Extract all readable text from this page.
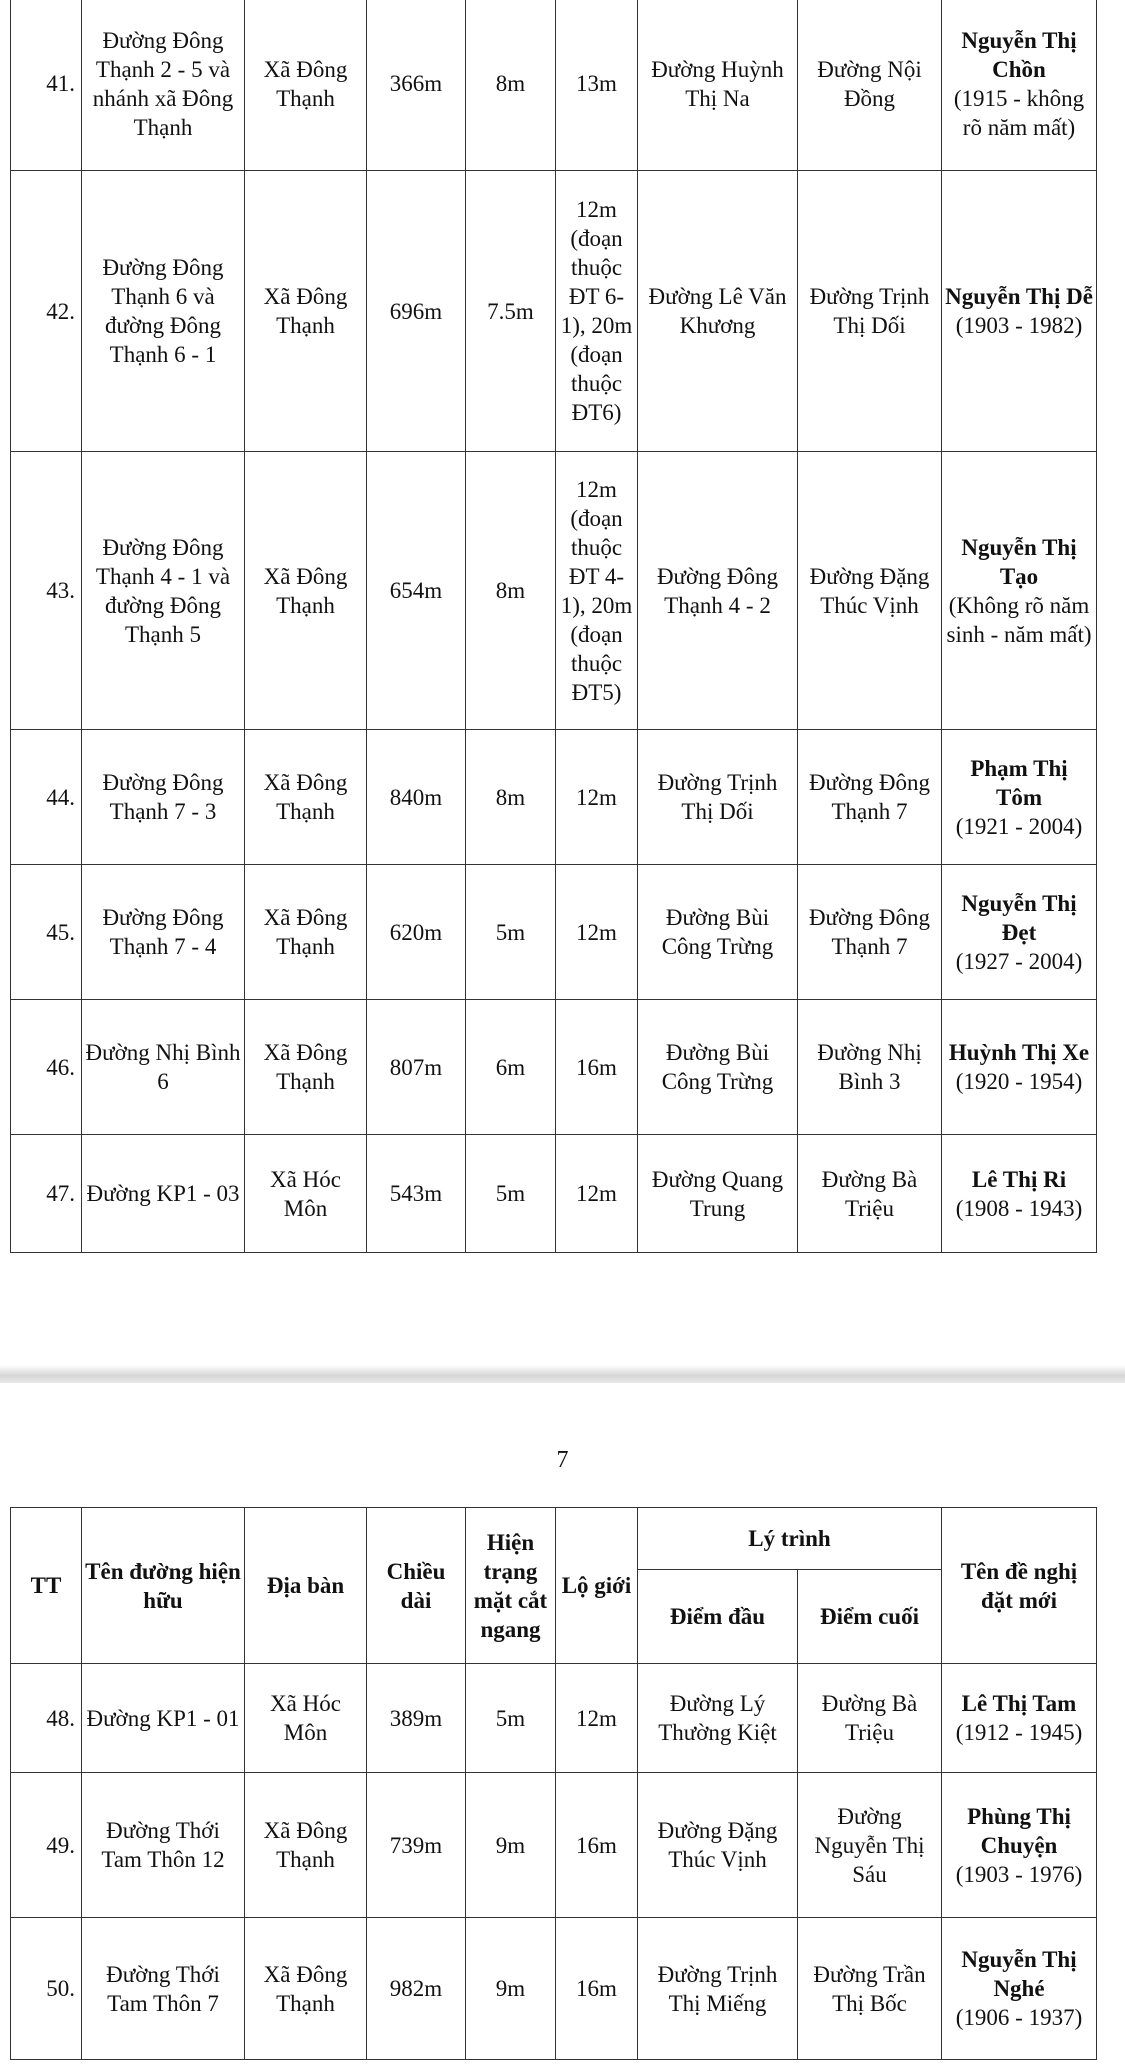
41.	Đường Đông Thạnh 2 - 5 và nhánh xã Đông Thạnh	Xã Đông Thạnh	366m	8m	13m	Đường Huỳnh Thị Na	Đường Nội Đồng	Nguyễn Thị Chồn
(1915 - không rõ năm mất)

42.	Đường Đông Thạnh 6 và đường Đông Thạnh 6 - 1	Xã Đông Thạnh	696m	7.5m	12m (đoạn thuộc ĐT 6-1), 20m (đoạn thuộc ĐT6)	Đường Lê Văn Khương	Đường Trịnh Thị Dối	Nguyễn Thị Dễ
(1903 - 1982)

43.	Đường Đông Thạnh 4 - 1 và đường Đông Thạnh 5	Xã Đông Thạnh	654m	8m	12m (đoạn thuộc ĐT 4-1), 20m (đoạn thuộc ĐT5)	Đường Đông Thạnh 4 - 2	Đường Đặng Thúc Vịnh	Nguyễn Thị Tạo
(Không rõ năm sinh - năm mất)

44.	Đường Đông Thạnh 7 - 3	Xã Đông Thạnh	840m	8m	12m	Đường Trịnh Thị Dối	Đường Đông Thạnh 7	Phạm Thị Tôm
(1921 - 2004)

45.	Đường Đông Thạnh 7 - 4	Xã Đông Thạnh	620m	5m	12m	Đường Bùi Công Trừng	Đường Đông Thạnh 7	Nguyễn Thị Đẹt
(1927 - 2004)

46.	Đường Nhị Bình 6	Xã Đông Thạnh	807m	6m	16m	Đường Bùi Công Trừng	Đường Nhị Bình 3	Huỳnh Thị Xe
(1920 - 1954)

47.	Đường KP1 - 03	Xã Hóc Môn	543m	5m	12m	Đường Quang Trung	Đường Bà Triệu	Lê Thị Ri
(1908 - 1943)
7
TT	Tên đường hiện hữu	Địa bàn	Chiều dài	Hiện trạng mặt cắt ngang	Lộ giới	Lý trình		Tên đề nghị đặt mới
						Điểm đầu	Điểm cuối	
48.	Đường KP1 - 01	Xã Hóc Môn	389m	5m	12m	Đường Lý Thường Kiệt	Đường Bà Triệu	Lê Thị Tam
(1912 - 1945)

49.	Đường Thới Tam Thôn 12	Xã Đông Thạnh	739m	9m	16m	Đường Đặng Thúc Vịnh	Đường Nguyễn Thị Sáu	Phùng Thị Chuyện
(1903 - 1976)

50.	Đường Thới Tam Thôn 7	Xã Đông Thạnh	982m	9m	16m	Đường Trịnh Thị Miếng	Đường Trần Thị Bốc	Nguyễn Thị Nghé
(1906 - 1937)
